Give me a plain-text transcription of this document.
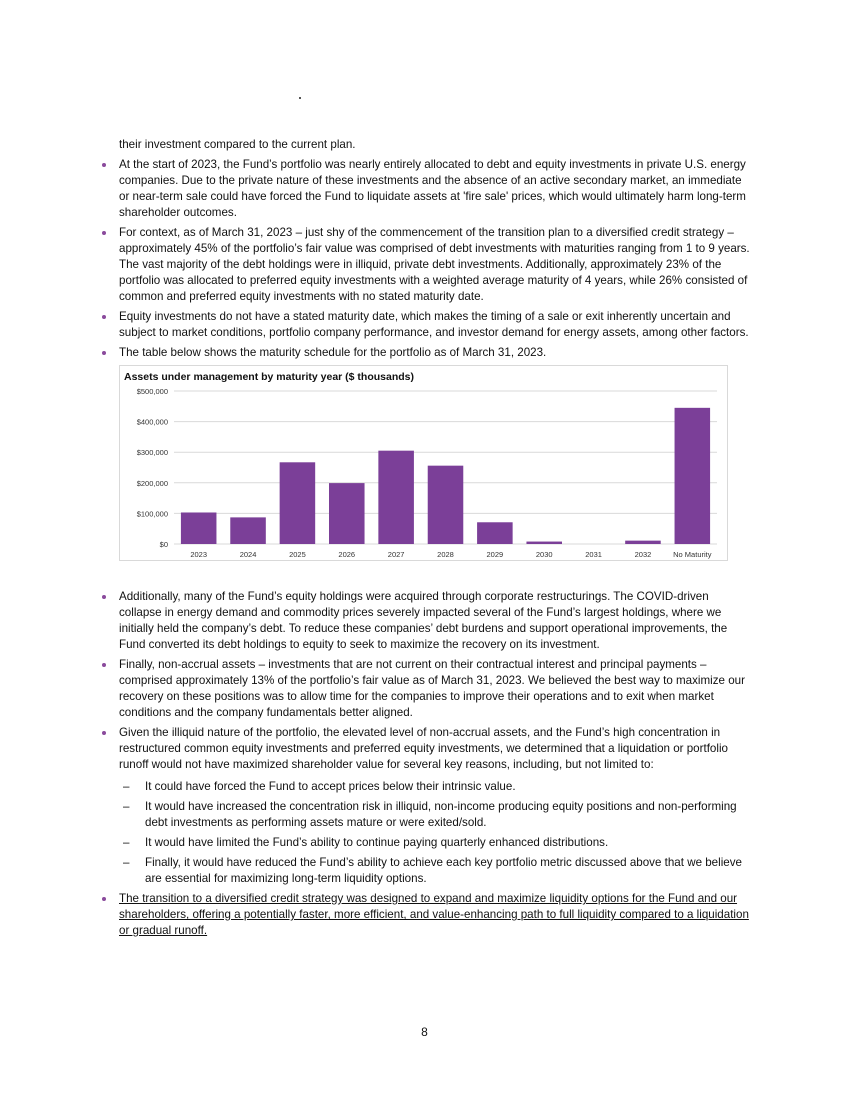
their investment compared to the current plan.

At the start of 2023, the Fund’s portfolio was nearly entirely allocated to debt and equity investments in private U.S. energy companies. Due to the private nature of these investments and the absence of an active secondary market, an immediate or near-term sale could have forced the Fund to liquidate assets at 'fire sale' prices, which would ultimately harm long-term shareholder outcomes.
For context, as of March 31, 2023 – just shy of the commencement of the transition plan to a diversified credit strategy – approximately 45% of the portfolio’s fair value was comprised of debt investments with maturities ranging from 1 to 9 years. The vast majority of the debt holdings were in illiquid, private debt investments. Additionally, approximately 23% of the portfolio was allocated to preferred equity investments with a weighted average maturity of 4 years, while 26% consisted of common and preferred equity investments with no stated maturity date.
Equity investments do not have a stated maturity date, which makes the timing of a sale or exit inherently uncertain and subject to market conditions, portfolio company performance, and investor demand for energy assets, among other factors.
The table below shows the maturity schedule for the portfolio as of March 31, 2023.
Assets under management by maturity year ($ thousands)
$0
$100,000
$200,000
$300,000
$400,000
$500,000
2023	2024	2025	2026	2027	2028	2029	2030	2031	2032	No Maturity
Additionally, many of the Fund’s equity holdings were acquired through corporate restructurings. The COVID-driven collapse in energy demand and commodity prices severely impacted several of the Fund’s largest holdings, where we initially held the company’s debt. To reduce these companies’ debt burdens and support operational improvements, the Fund converted its debt holdings to equity to seek to maximize the recovery on its investment.
Finally, non-accrual assets – investments that are not current on their contractual interest and principal payments –comprised approximately 13% of the portfolio’s fair value as of March 31, 2023. We believed the best way to maximize our recovery on these positions was to allow time for the companies to improve their operations and to exit when market conditions and the company fundamentals better aligned.
Given the illiquid nature of the portfolio, the elevated level of non-accrual assets, and the Fund’s high concentration in restructured common equity investments and preferred equity investments, we determined that a liquidation or portfolio runoff would not have maximized shareholder value for several key reasons, including, but not limited to:
– It could have forced the Fund to accept prices below their intrinsic value.
– It would have increased the concentration risk in illiquid, non-income producing equity positions and non-performing debt investments as performing assets mature or were exited/sold.
– It would have limited the Fund’s ability to continue paying quarterly enhanced distributions.
– Finally, it would have reduced the Fund’s ability to achieve each key portfolio metric discussed above that we believe are essential for maximizing long-term liquidity options.
The transition to a diversified credit strategy was designed to expand and maximize liquidity options for the Fund and our shareholders, offering a potentially faster, more efficient, and value-enhancing path to full liquidity compared to a liquidation or gradual runoff.
8
